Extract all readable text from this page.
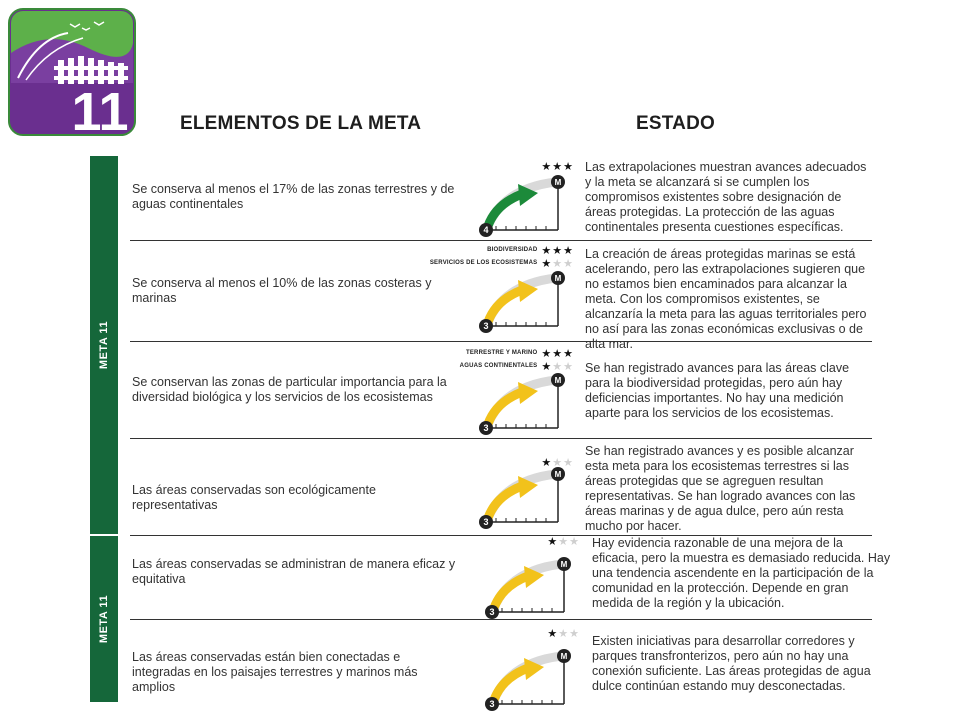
11	ELEMENTOS DE LA META	ESTADO
META 11
META 11
Se conserva al menos el 17% de las zonas terrestres y de aguas continentales
Las extrapolaciones muestran avances adecuados y la meta se alcanzará si se cumplen los compromisos existentes sobre designación de áreas protegidas. La protección de las aguas continentales presenta cuestiones específicas.
Se conserva al menos el 10% de las zonas costeras y marinas
La creación de áreas protegidas marinas se está acelerando, pero las extrapolaciones sugieren que no estamos bien encaminados para alcanzar la meta. Con los compromisos existentes, se alcanzaría la meta para las aguas territoriales pero no así para las zonas económicas exclusivas o de alta mar.
Se conservan las zonas de particular importancia para la diversidad biológica y los servicios de los ecosistemas
Se han registrado avances para las áreas clave para la biodiversidad protegidas, pero aún hay deficiencias importantes. No hay una medición aparte para los servicios de los ecosistemas.
Las áreas conservadas son ecológicamente representativas
Se han registrado avances y es posible alcanzar esta meta para los ecosistemas terrestres si las áreas protegidas que se agreguen resultan representativas. Se han logrado avances con las áreas marinas y de agua dulce, pero aún resta mucho por hacer.
Las áreas conservadas se administran de manera eficaz y equitativa
Hay evidencia razonable de una mejora de la eficacia, pero la muestra es demasiado reducida. Hay una tendencia ascendente en la participación de la comunidad en la protección. Depende en gran medida de la región y la ubicación.
Las áreas conservadas están bien conectadas e integradas en los paisajes terrestres y marinos más amplios
Existen iniciativas para desarrollar corredores y parques transfronterizos, pero aún no hay una conexión suficiente. Las áreas protegidas de agua dulce continúan estando muy desconectadas.
M
4
★★★
M
3
BIODIVERSIDAD ★★★
SERVICIOS DE LOS ECOSISTEMAS ★★★
M
3
TERRESTRE Y MARINO ★★★
AGUAS CONTINENTALES ★★★
M
3
★★★
M
3
★★★
M
3
★★★
